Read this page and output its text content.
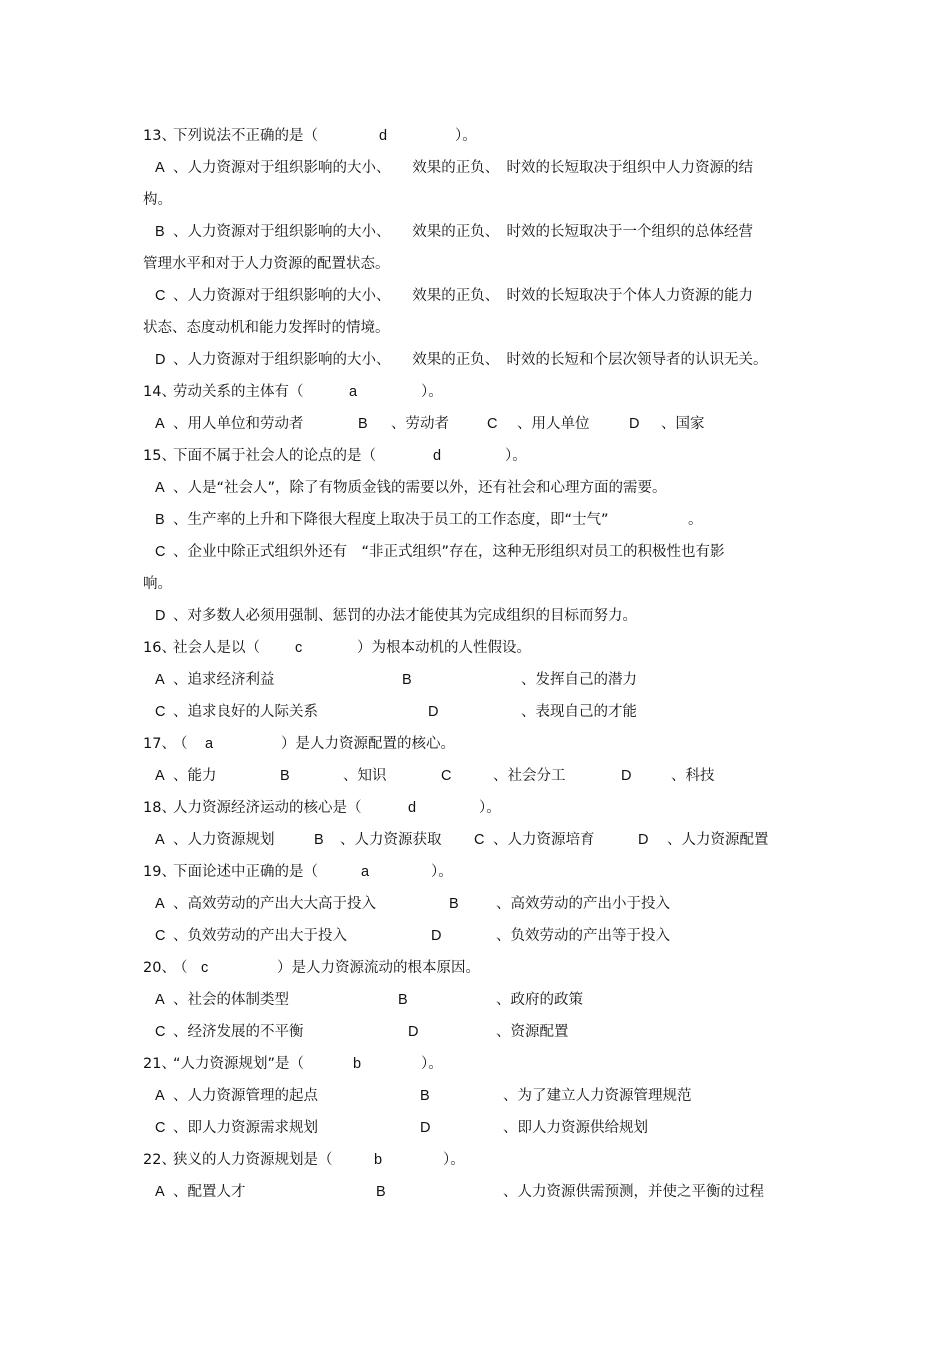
13、

下列说法不正确的是（

	d

	）。

A

、人力资源对于组织影响的大小、　　效果的正负、　时效的长短取决于组织中人力资源的结

构。

B

、人力资源对于组织影响的大小、　　效果的正负、　时效的长短取决于一个组织的总体经营

管理水平和对于人力资源的配置状态。

C

、人力资源对于组织影响的大小、　　效果的正负、　时效的长短取决于个体人力资源的能力

状态、态度动机和能力发挥时的情境。

D

、人力资源对于组织影响的大小、　　效果的正负、　时效的长短和个层次领导者的认识无关。

14、

劳动关系的主体有（

	a

	）。

A

、用人单位和劳动者

	B

、劳动者

	C

、用人单位

	D

、国家

15、

下面不属于社会人的论点的是（

	d

	）。

A

、人是“社会人”，除了有物质金钱的需要以外，还有社会和心理方面的需要。

B

、生产率的上升和下降很大程度上取决于员工的工作态度，即“士气”

	。

C

、企业中除正式组织外还有　“非正式组织”存在，这种无形组织对员工的积极性也有影

响。

D

、对多数人必须用强制、惩罚的办法才能使其为完成组织的目标而努力。

16、

社会人是以（

c

	）为根本动机的人性假设。

A

、追求经济利益

	B

	、发挥自己的潜力

C

、追求良好的人际关系

	D

	、表现自己的才能

17、

（

a

	）是人力资源配置的核心。

A

、能力

	B

	、知识

	C

	、社会分工

	D

	、科技

18、

人力资源经济运动的核心是（

	d

	）。

A

、人力资源规划

	B

、人力资源获取

C

、人力资源培育

	D

、人力资源配置

19、

下面论述中正确的是（

	a

	）。

A

、高效劳动的产出大大高于投入

	B

	、高效劳动的产出小于投入

C

、负效劳动的产出大于投入

	D

	、负效劳动的产出等于投入

20、

（

c

	）是人力资源流动的根本原因。

A

、社会的体制类型

	B

	、政府的政策

C

、经济发展的不平衡

	D

	、资源配置

21、

“人力资源规划”是（

	b

	）。

A

、人力资源管理的起点

	B

	、为了建立人力资源管理规范

C

、即人力资源需求规划

	D

	、即人力资源供给规划

22、

狭义的人力资源规划是（

	b

	）。

A

、配置人才

	B

	、人力资源供需预测，并使之平衡的过程
